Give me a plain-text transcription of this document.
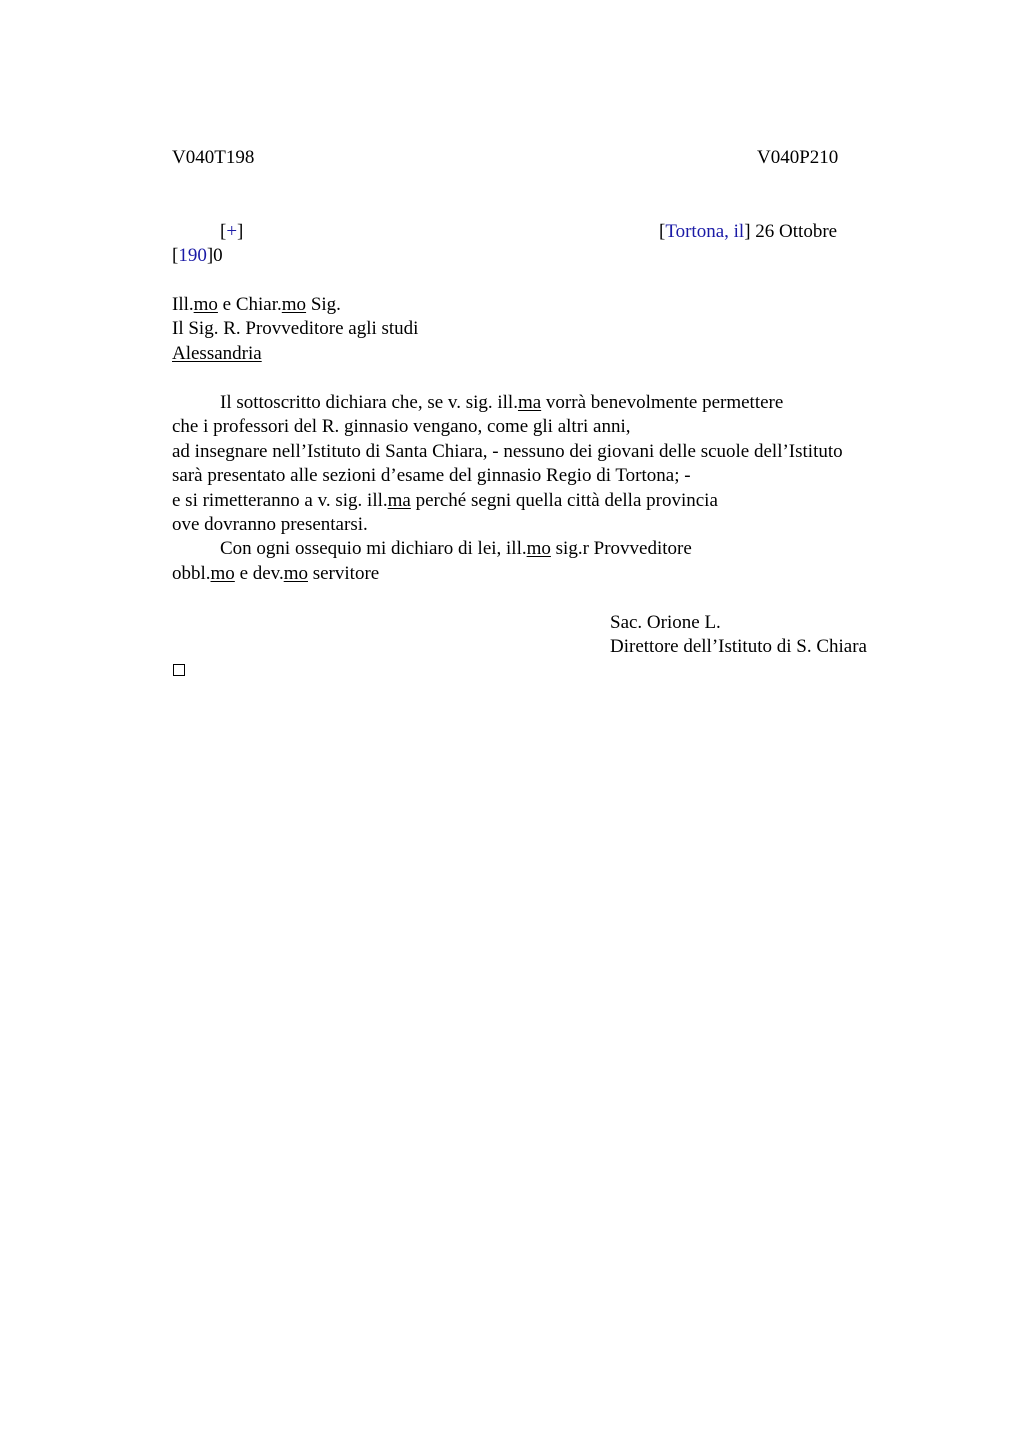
V040T198	V040P210
[+]	[Tortona, il] 26 Ottobre
[190]0
Ill.mo e Chiar.mo Sig.
Il Sig. R. Provveditore agli studi
Alessandria
Il sottoscritto dichiara che, se v. sig. ill.ma vorrà benevolmente permettere
che i professori del R. ginnasio vengano, come gli altri anni,
ad insegnare nell’Istituto di Santa Chiara, - nessuno dei giovani delle scuole dell’Istituto
sarà presentato alle sezioni d’esame del ginnasio Regio di Tortona; -
e si rimetteranno a v. sig. ill.ma perché segni quella città della provincia
ove dovranno presentarsi.
Con ogni ossequio mi dichiaro di lei, ill.mo sig.r Provveditore
obbl.mo e dev.mo servitore
Sac. Orione L.
Direttore dell’Istituto di S. Chiara
